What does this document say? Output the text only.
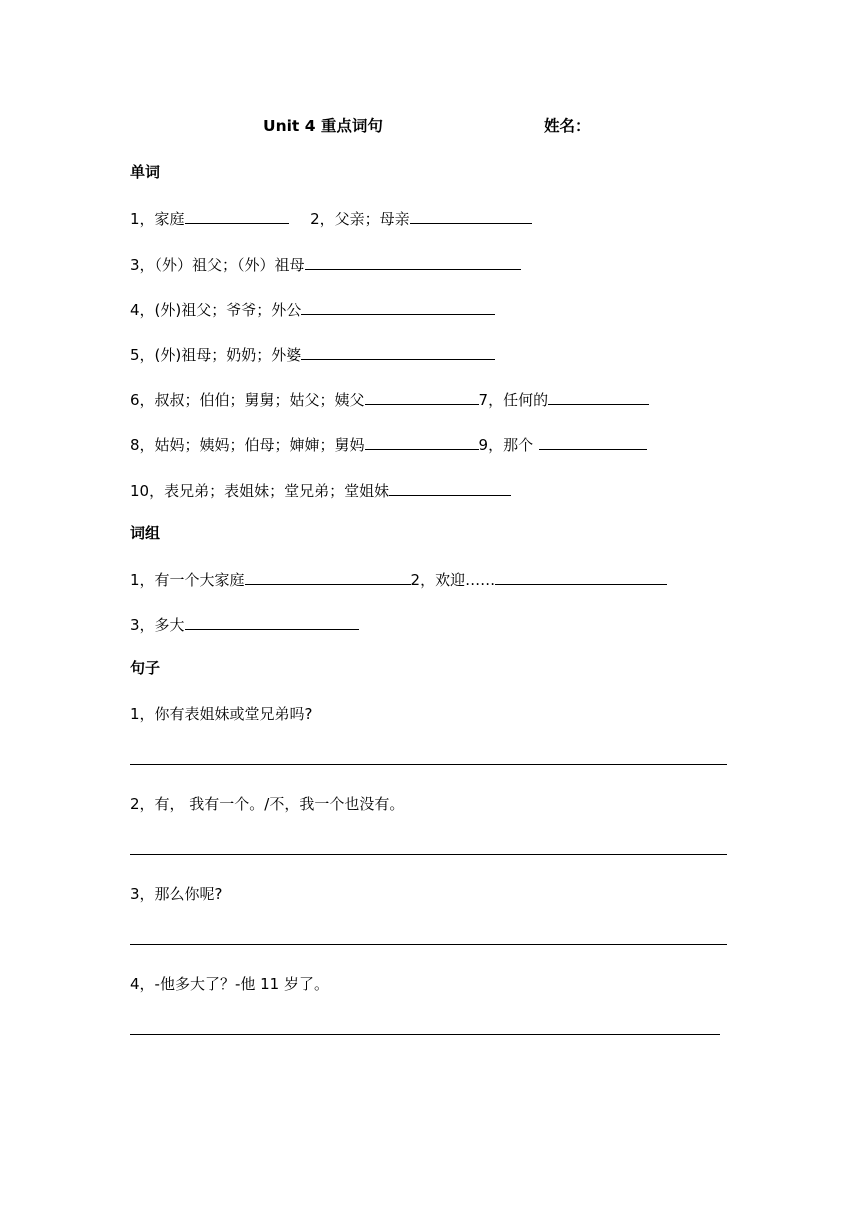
Unit 4 重点词句	姓名：
单词
1，家庭	2，父亲；母亲
3，（外）祖父；（外）祖母
4，(外)祖父；爷爷；外公
5，(外)祖母；奶奶；外婆
6，叔叔；伯伯；舅舅；姑父；姨父	7，任何的
8，姑妈；姨妈；伯母；婶婶；舅妈	9，那个
10，表兄弟；表姐妹；堂兄弟；堂姐妹
词组
1，有一个大家庭	2，欢迎……
3，多大
句子
1，你有表姐妹或堂兄弟吗?
2，有， 我有一个。/不，我一个也没有。
3，那么你呢?
4，-他多大了？-他 11 岁了。
